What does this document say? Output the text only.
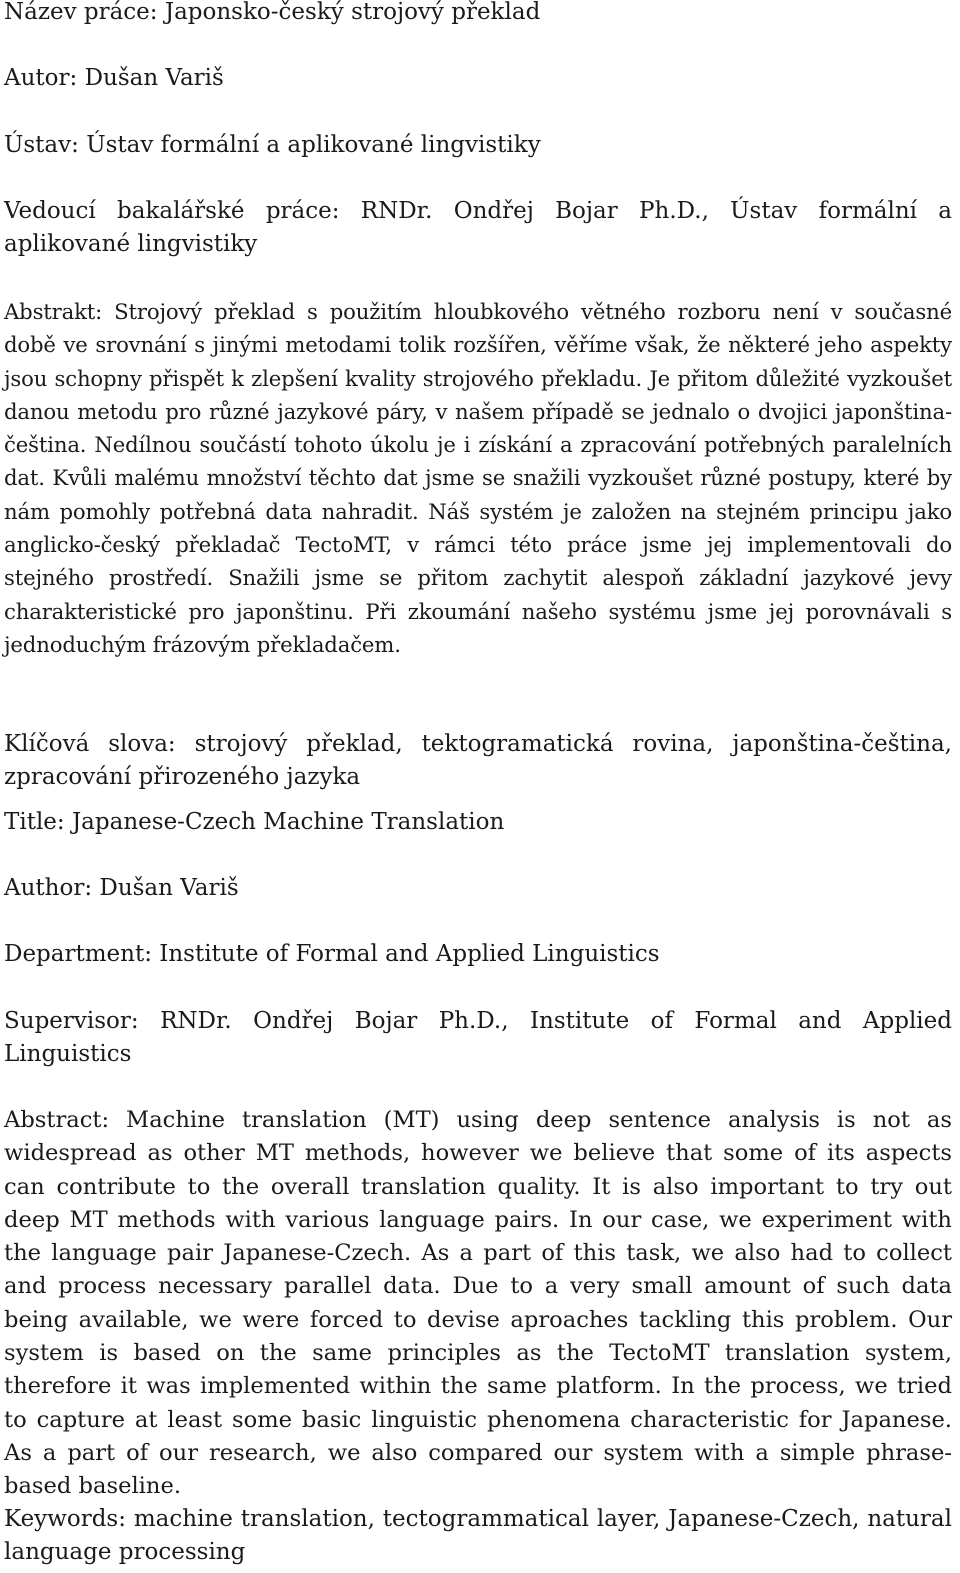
Název práce: Japonsko-český strojový překlad

Autor: Dušan Variš

Ústav: Ústav formální a aplikované lingvistiky

Vedoucí bakalářské práce: RNDr. Ondřej Bojar Ph.D., Ústav formální a aplikované lingvistiky

Abstrakt: Strojový překlad s použitím hloubkového větného rozboru není v současné době ve srovnání s jinými metodami tolik rozšířen, věříme však, že některé jeho aspekty jsou schopny přispět k zlepšení kvality strojového překladu. Je přitom důležité vyzkoušet danou metodu pro různé jazykové páry, v našem případě se jednalo o dvojici japonština-čeština. Nedílnou součástí tohoto úkolu je i získání a zpracování potřebných paralelních dat. Kvůli malému množství těchto dat jsme se snažili vyzkoušet různé postupy, které by nám pomohly potřebná data nahradit. Náš systém je založen na stejném principu jako anglicko-český překladač TectoMT, v rámci této práce jsme jej implementovali do stejného prostředí. Snažili jsme se přitom zachytit alespoň základní jazykové jevy charakteristické pro japonštinu. Při zkoumání našeho systému jsme jej porovnávali s jednoduchým frázovým překladačem.

Klíčová slova: strojový překlad, tektogramatická rovina, japonština-čeština, zpracování přirozeného jazyka

Title: Japanese-Czech Machine Translation

Author: Dušan Variš

Department: Institute of Formal and Applied Linguistics

Supervisor: RNDr. Ondřej Bojar Ph.D., Institute of Formal and Applied Linguistics

Abstract: Machine translation (MT) using deep sentence analysis is not as widespread as other MT methods, however we believe that some of its aspects can contribute to the overall translation quality. It is also important to try out deep MT methods with various language pairs. In our case, we experiment with the language pair Japanese-Czech. As a part of this task, we also had to collect and process necessary parallel data. Due to a very small amount of such data being available, we were forced to devise aproaches tackling this problem. Our system is based on the same principles as the TectoMT translation system, therefore it was implemented within the same platform. In the process, we tried to capture at least some basic linguistic phenomena characteristic for Japanese. As a part of our research, we also compared our system with a simple phrase-based baseline.

Keywords: machine translation, tectogrammatical layer, Japanese-Czech, natural language processing
